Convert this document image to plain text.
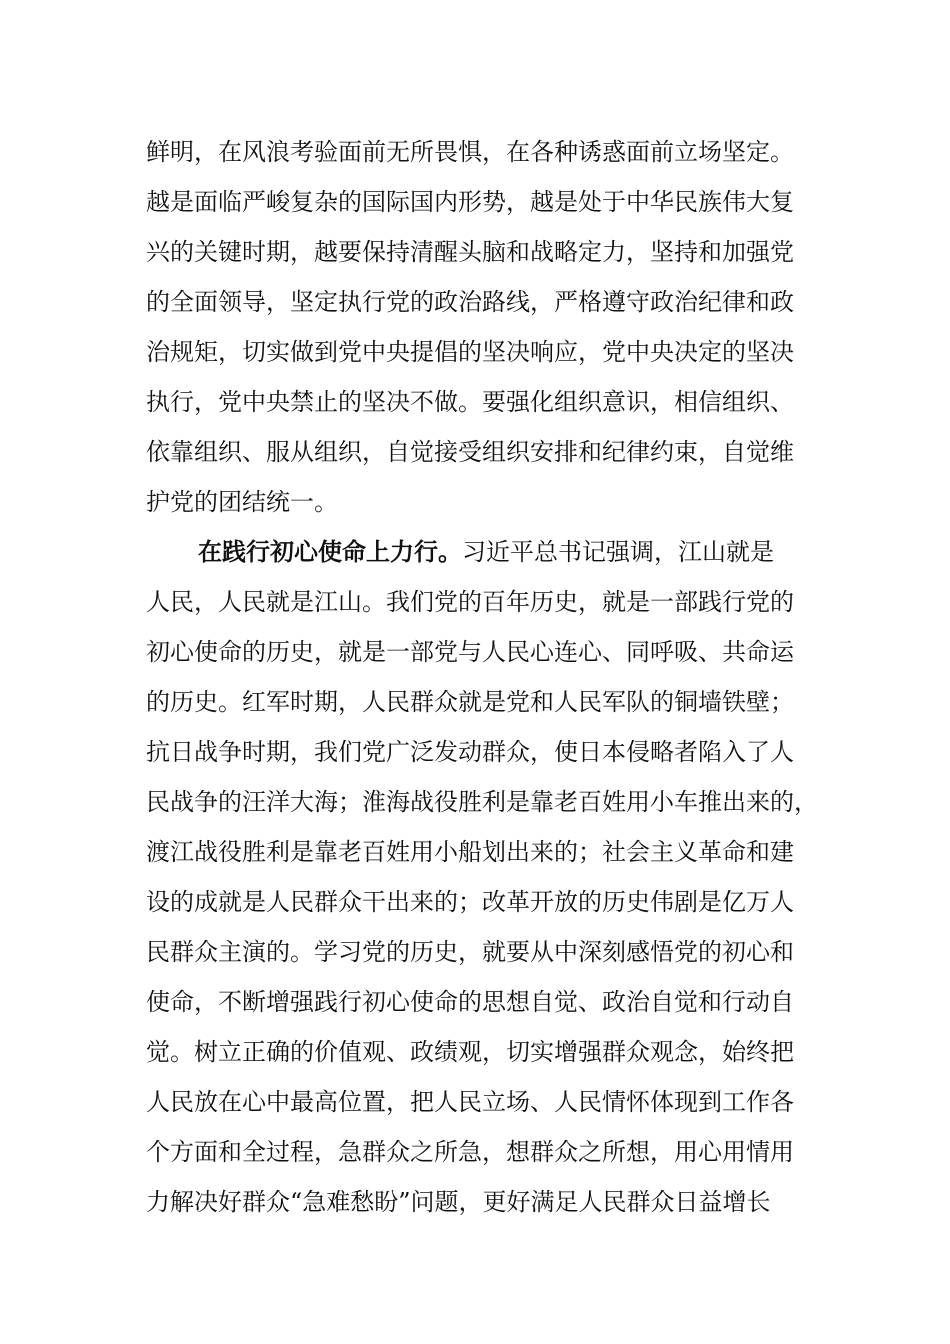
鲜明，在风浪考验面前无所畏惧，在各种诱惑面前立场坚定。
越是面临严峻复杂的国际国内形势，越是处于中华民族伟大复
兴的关键时期，越要保持清醒头脑和战略定力，坚持和加强党
的全面领导，坚定执行党的政治路线，严格遵守政治纪律和政
治规矩，切实做到党中央提倡的坚决响应，党中央决定的坚决
执行，党中央禁止的坚决不做。要强化组织意识，相信组织、
依靠组织、服从组织，自觉接受组织安排和纪律约束，自觉维
护党的团结统一。
在践行初心使命上力行。习近平总书记强调，江山就是
人民，人民就是江山。我们党的百年历史，就是一部践行党的
初心使命的历史，就是一部党与人民心连心、同呼吸、共命运
的历史。红军时期，人民群众就是党和人民军队的铜墙铁壁；
抗日战争时期，我们党广泛发动群众，使日本侵略者陷入了人
民战争的汪洋大海；淮海战役胜利是靠老百姓用小车推出来的，
渡江战役胜利是靠老百姓用小船划出来的；社会主义革命和建
设的成就是人民群众干出来的；改革开放的历史伟剧是亿万人
民群众主演的。学习党的历史，就要从中深刻感悟党的初心和
使命，不断增强践行初心使命的思想自觉、政治自觉和行动自
觉。树立正确的价值观、政绩观，切实增强群众观念，始终把
人民放在心中最高位置，把人民立场、人民情怀体现到工作各
个方面和全过程，急群众之所急，想群众之所想，用心用情用
力解决好群众“急难愁盼”问题，更好满足人民群众日益增长
